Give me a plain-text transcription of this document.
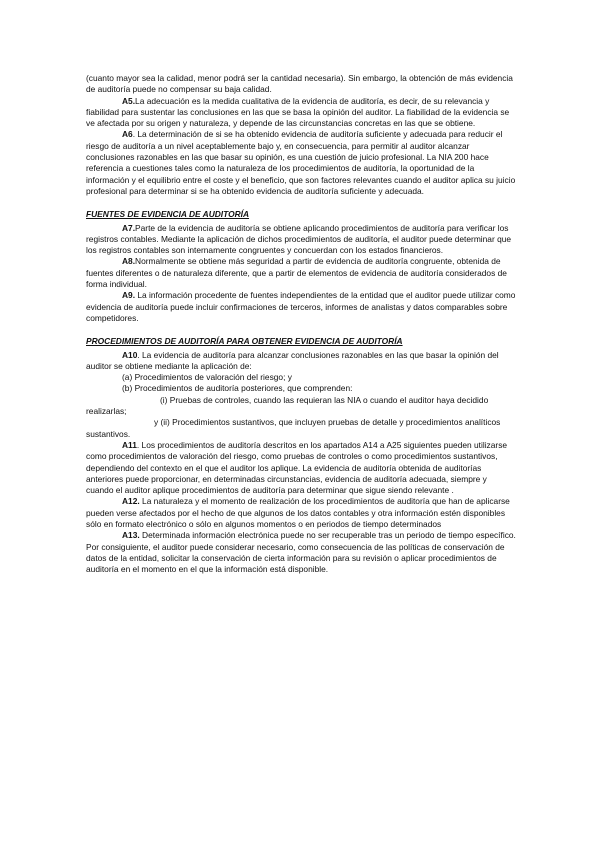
(cuanto mayor sea la calidad, menor podrá ser la cantidad necesaria). Sin embargo, la obtención de más evidencia de auditoría puede no compensar su baja calidad.

A5.La adecuación es la medida cualitativa de la evidencia de auditoría, es decir, de su relevancia y fiabilidad para sustentar las conclusiones en las que se basa la opinión del auditor. La fiabilidad de la evidencia se ve afectada por su origen y naturaleza, y depende de las circunstancias concretas en las que se obtiene.

A6. La determinación de si se ha obtenido evidencia de auditoría suficiente y adecuada para reducir el riesgo de auditoría a un nivel aceptablemente bajo y, en consecuencia, para permitir al auditor alcanzar conclusiones razonables en las que basar su opinión, es una cuestión de juicio profesional. La NIA 200 hace referencia a cuestiones tales como la naturaleza de los procedimientos de auditoría, la oportunidad de la información y el equilibrio entre el coste y el beneficio, que son factores relevantes cuando el auditor aplica su juicio profesional para determinar si se ha obtenido evidencia de auditoría suficiente y adecuada.

FUENTES DE EVIDENCIA DE AUDITORÍA

A7.Parte de la evidencia de auditoría se obtiene aplicando procedimientos de auditoría para verificar los registros contables. Mediante la aplicación de dichos procedimientos de auditoría, el auditor puede determinar que los registros contables son internamente congruentes y concuerdan con los estados financieros.

A8.Normalmente se obtiene más seguridad a partir de evidencia de auditoría congruente, obtenida de fuentes diferentes o de naturaleza diferente, que a partir de elementos de evidencia de auditoría considerados de forma individual.

A9. La información procedente de fuentes independientes de la entidad que el auditor puede utilizar como evidencia de auditoría puede incluir confirmaciones de terceros, informes de analistas y datos comparables sobre competidores.

PROCEDIMIENTOS DE AUDITORÍA PARA OBTENER EVIDENCIA DE AUDITORÍA

A10. La evidencia de auditoría para alcanzar conclusiones razonables en las que basar la opinión del auditor se obtiene mediante la aplicación de:

(a) Procedimientos de valoración del riesgo; y

(b) Procedimientos de auditoría posteriores, que comprenden:

(i) Pruebas de controles, cuando las requieran las NIA o cuando el auditor haya decidido realizarlas;

y (ii) Procedimientos sustantivos, que incluyen pruebas de detalle y procedimientos analíticos sustantivos.

A11. Los procedimientos de auditoría descritos en los apartados A14 a A25 siguientes pueden utilizarse como procedimientos de valoración del riesgo, como pruebas de controles o como procedimientos sustantivos, dependiendo del contexto en el que el auditor los aplique. La evidencia de auditoría obtenida de auditorías anteriores puede proporcionar, en determinadas circunstancias, evidencia de auditoría adecuada, siempre y cuando el auditor aplique procedimientos de auditoría para determinar que sigue siendo relevante .

A12. La naturaleza y el momento de realización de los procedimientos de auditoría que han de aplicarse pueden verse afectados por el hecho de que algunos de los datos contables y otra información estén disponibles sólo en formato electrónico o sólo en algunos momentos o en periodos de tiempo determinados

A13. Determinada información electrónica puede no ser recuperable tras un periodo de tiempo específico. Por consiguiente, el auditor puede considerar necesario, como consecuencia de las políticas de conservación de datos de la entidad, solicitar la conservación de cierta información para su revisión o aplicar procedimientos de auditoría en el momento en el que la información está disponible.
